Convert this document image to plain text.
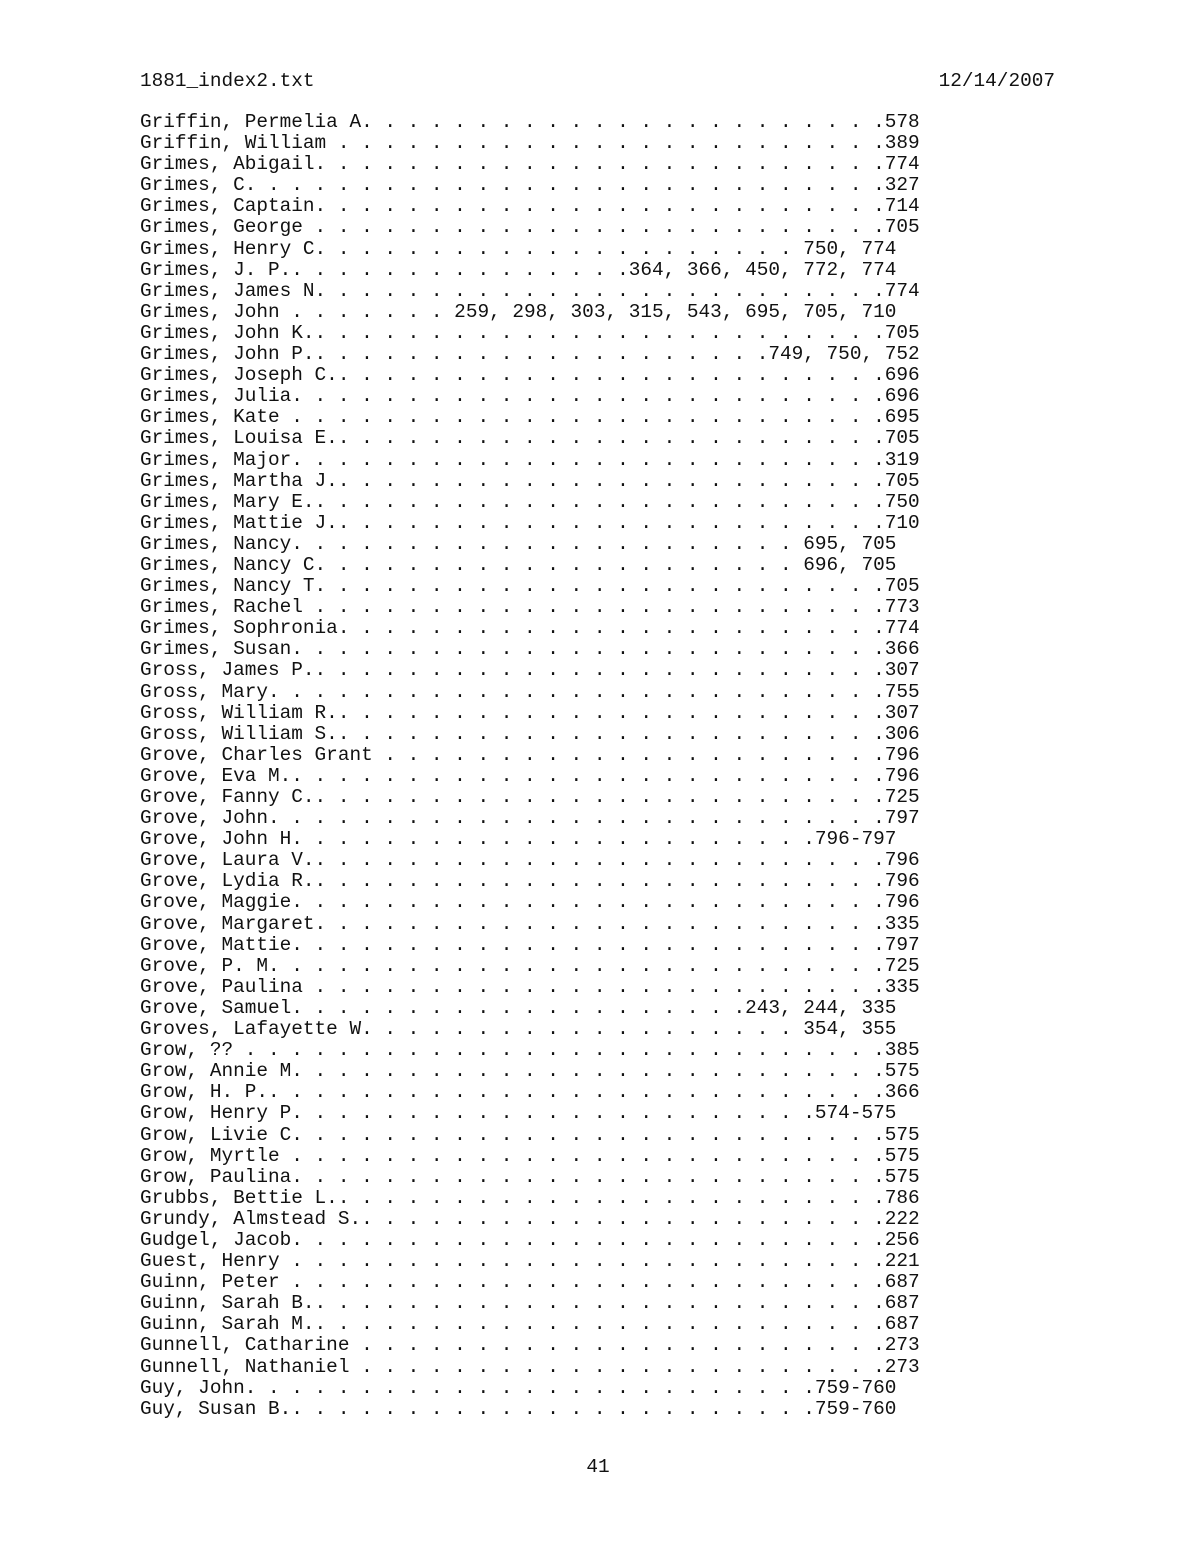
1881_index2.txt	12/14/2007
Griffin, Permelia A. . . . . . . . . . . . . . . . . . . . . . .578
Griffin, William . . . . . . . . . . . . . . . . . . . . . . . .389
Grimes, Abigail. . . . . . . . . . . . . . . . . . . . . . . . .774
Grimes, C. . . . . . . . . . . . . . . . . . . . . . . . . . . .327
Grimes, Captain. . . . . . . . . . . . . . . . . . . . . . . . .714
Grimes, George . . . . . . . . . . . . . . . . . . . . . . . . .705
Grimes, Henry C. . . . . . . . . . . . . . . . . . . . . 750, 774
Grimes, J. P.. . . . . . . . . . . . . . .364, 366, 450, 772, 774
Grimes, James N. . . . . . . . . . . . . . . . . . . . . . . . .774
Grimes, John . . . . . . . 259, 298, 303, 315, 543, 695, 705, 710
Grimes, John K.. . . . . . . . . . . . . . . . . . . . . . . . .705
Grimes, John P.. . . . . . . . . . . . . . . . . . . .749, 750, 752
Grimes, Joseph C.. . . . . . . . . . . . . . . . . . . . . . . .696
Grimes, Julia. . . . . . . . . . . . . . . . . . . . . . . . . .696
Grimes, Kate . . . . . . . . . . . . . . . . . . . . . . . . . .695
Grimes, Louisa E.. . . . . . . . . . . . . . . . . . . . . . . .705
Grimes, Major. . . . . . . . . . . . . . . . . . . . . . . . . .319
Grimes, Martha J.. . . . . . . . . . . . . . . . . . . . . . . .705
Grimes, Mary E.. . . . . . . . . . . . . . . . . . . . . . . . .750
Grimes, Mattie J.. . . . . . . . . . . . . . . . . . . . . . . .710
Grimes, Nancy. . . . . . . . . . . . . . . . . . . . . . 695, 705
Grimes, Nancy C. . . . . . . . . . . . . . . . . . . . . 696, 705
Grimes, Nancy T. . . . . . . . . . . . . . . . . . . . . . . . .705
Grimes, Rachel . . . . . . . . . . . . . . . . . . . . . . . . .773
Grimes, Sophronia. . . . . . . . . . . . . . . . . . . . . . . .774
Grimes, Susan. . . . . . . . . . . . . . . . . . . . . . . . . .366
Gross, James P.. . . . . . . . . . . . . . . . . . . . . . . . .307
Gross, Mary. . . . . . . . . . . . . . . . . . . . . . . . . . .755
Gross, William R.. . . . . . . . . . . . . . . . . . . . . . . .307
Gross, William S.. . . . . . . . . . . . . . . . . . . . . . . .306
Grove, Charles Grant . . . . . . . . . . . . . . . . . . . . . .796
Grove, Eva M.. . . . . . . . . . . . . . . . . . . . . . . . . .796
Grove, Fanny C.. . . . . . . . . . . . . . . . . . . . . . . . .725
Grove, John. . . . . . . . . . . . . . . . . . . . . . . . . . .797
Grove, John H. . . . . . . . . . . . . . . . . . . . . . .796-797
Grove, Laura V.. . . . . . . . . . . . . . . . . . . . . . . . .796
Grove, Lydia R.. . . . . . . . . . . . . . . . . . . . . . . . .796
Grove, Maggie. . . . . . . . . . . . . . . . . . . . . . . . . .796
Grove, Margaret. . . . . . . . . . . . . . . . . . . . . . . . .335
Grove, Mattie. . . . . . . . . . . . . . . . . . . . . . . . . .797
Grove, P. M. . . . . . . . . . . . . . . . . . . . . . . . . . .725
Grove, Paulina . . . . . . . . . . . . . . . . . . . . . . . . .335
Grove, Samuel. . . . . . . . . . . . . . . . . . . .243, 244, 335
Groves, Lafayette W. . . . . . . . . . . . . . . . . . . 354, 355
Grow, ?? . . . . . . . . . . . . . . . . . . . . . . . . . . . .385
Grow, Annie M. . . . . . . . . . . . . . . . . . . . . . . . . .575
Grow, H. P.. . . . . . . . . . . . . . . . . . . . . . . . . . .366
Grow, Henry P. . . . . . . . . . . . . . . . . . . . . . .574-575
Grow, Livie C. . . . . . . . . . . . . . . . . . . . . . . . . .575
Grow, Myrtle . . . . . . . . . . . . . . . . . . . . . . . . . .575
Grow, Paulina. . . . . . . . . . . . . . . . . . . . . . . . . .575
Grubbs, Bettie L.. . . . . . . . . . . . . . . . . . . . . . . .786
Grundy, Almstead S.. . . . . . . . . . . . . . . . . . . . . . .222
Gudgel, Jacob. . . . . . . . . . . . . . . . . . . . . . . . . .256
Guest, Henry . . . . . . . . . . . . . . . . . . . . . . . . . .221
Guinn, Peter . . . . . . . . . . . . . . . . . . . . . . . . . .687
Guinn, Sarah B.. . . . . . . . . . . . . . . . . . . . . . . . .687
Guinn, Sarah M.. . . . . . . . . . . . . . . . . . . . . . . . .687
Gunnell, Catharine . . . . . . . . . . . . . . . . . . . . . . .273
Gunnell, Nathaniel . . . . . . . . . . . . . . . . . . . . . . .273
Guy, John. . . . . . . . . . . . . . . . . . . . . . . . .759-760
Guy, Susan B.. . . . . . . . . . . . . . . . . . . . . . .759-760
41
